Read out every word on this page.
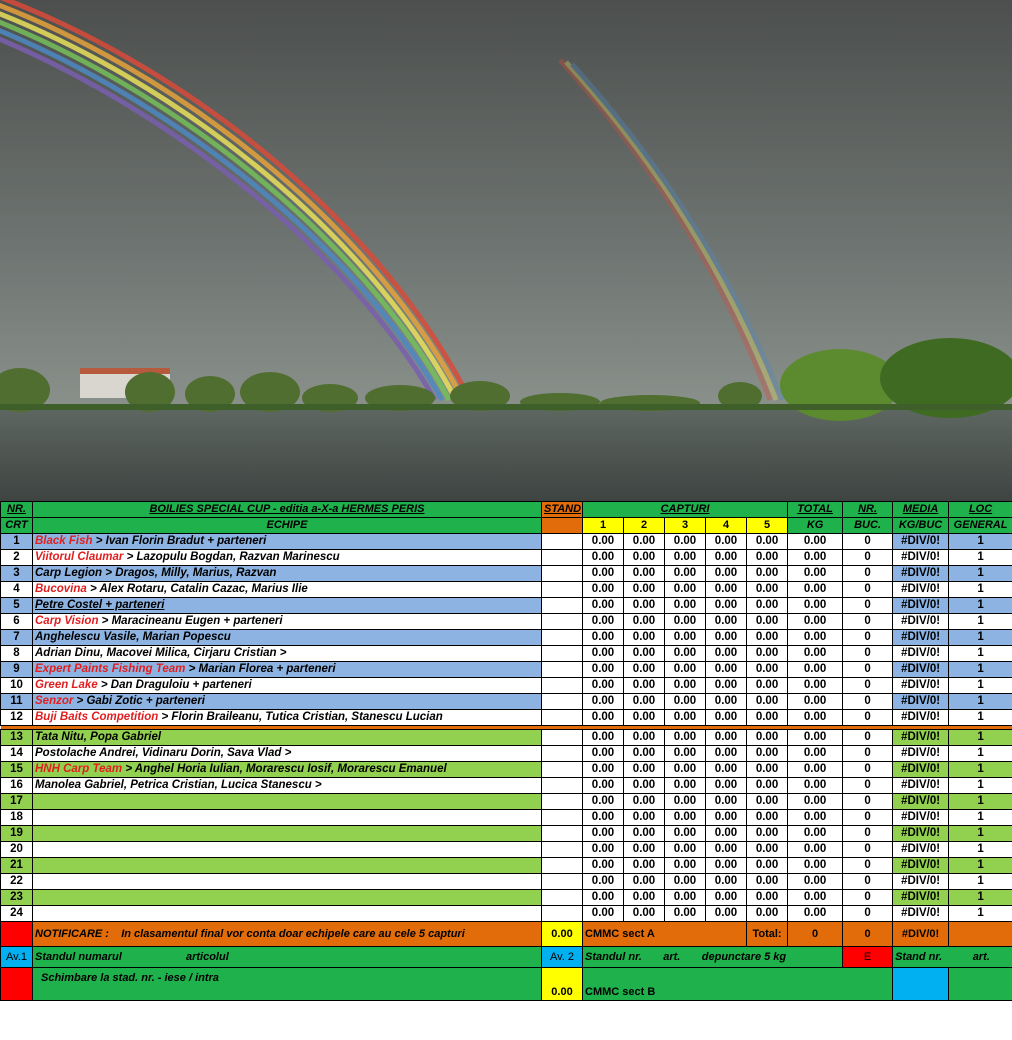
NR.	BOILIES SPECIAL CUP - editia a-X-a HERMES PERIS	STAND	CAPTURI					TOTAL	NR.	MEDIA	LOC
CRT	ECHIPE		1	2	3	4	5	KG	BUC.	KG/BUC	GENERAL
1	Black Fish > Ivan Florin Bradut + parteneri		0.00	0.00	0.00	0.00	0.00	0.00	0	#DIV/0!	1
2	Viitorul Claumar > Lazopulu Bogdan, Razvan Marinescu		0.00	0.00	0.00	0.00	0.00	0.00	0	#DIV/0!	1
3	Carp Legion > Dragos, Milly, Marius, Razvan		0.00	0.00	0.00	0.00	0.00	0.00	0	#DIV/0!	1
4	Bucovina > Alex Rotaru, Catalin Cazac, Marius Ilie		0.00	0.00	0.00	0.00	0.00	0.00	0	#DIV/0!	1
5	Petre Costel + parteneri		0.00	0.00	0.00	0.00	0.00	0.00	0	#DIV/0!	1
6	Carp Vision > Maracineanu Eugen + parteneri		0.00	0.00	0.00	0.00	0.00	0.00	0	#DIV/0!	1
7	Anghelescu Vasile, Marian Popescu		0.00	0.00	0.00	0.00	0.00	0.00	0	#DIV/0!	1
8	Adrian Dinu, Macovei Milica, Cirjaru Cristian >		0.00	0.00	0.00	0.00	0.00	0.00	0	#DIV/0!	1
9	Expert Paints Fishing Team > Marian Florea + parteneri		0.00	0.00	0.00	0.00	0.00	0.00	0	#DIV/0!	1
10	Green Lake > Dan Draguloiu + parteneri		0.00	0.00	0.00	0.00	0.00	0.00	0	#DIV/0!	1
11	Senzor > Gabi Zotic + parteneri		0.00	0.00	0.00	0.00	0.00	0.00	0	#DIV/0!	1
12	Buji Baits Competition > Florin Braileanu, Tutica Cristian, Stanescu Lucian		0.00	0.00	0.00	0.00	0.00	0.00	0	#DIV/0!	1

13	Tata Nitu, Popa Gabriel		0.00	0.00	0.00	0.00	0.00	0.00	0	#DIV/0!	1
14	Postolache Andrei, Vidinaru Dorin, Sava Vlad >		0.00	0.00	0.00	0.00	0.00	0.00	0	#DIV/0!	1
15	HNH Carp Team > Anghel Horia Iulian, Morarescu Iosif, Morarescu Emanuel		0.00	0.00	0.00	0.00	0.00	0.00	0	#DIV/0!	1
16	Manolea Gabriel, Petrica Cristian, Lucica Stanescu >		0.00	0.00	0.00	0.00	0.00	0.00	0	#DIV/0!	1
17			0.00	0.00	0.00	0.00	0.00	0.00	0	#DIV/0!	1
18			0.00	0.00	0.00	0.00	0.00	0.00	0	#DIV/0!	1
19			0.00	0.00	0.00	0.00	0.00	0.00	0	#DIV/0!	1
20			0.00	0.00	0.00	0.00	0.00	0.00	0	#DIV/0!	1
21			0.00	0.00	0.00	0.00	0.00	0.00	0	#DIV/0!	1
22			0.00	0.00	0.00	0.00	0.00	0.00	0	#DIV/0!	1
23			0.00	0.00	0.00	0.00	0.00	0.00	0	#DIV/0!	1
24			0.00	0.00	0.00	0.00	0.00	0.00	0	#DIV/0!	1
	NOTIFICARE : In clasamentul final vor conta doar echipele care au cele 5 capturi	0.00	CMMC sect A				Total:	0	0	#DIV/0!	
Av.1	Standul numarul articolul	Av. 2	Standul nr. art. depunctare 5 kg						E	Stand nr. art.	
	Schimbare la stad. nr. - iese / intra	0.00	CMMC sect B								
